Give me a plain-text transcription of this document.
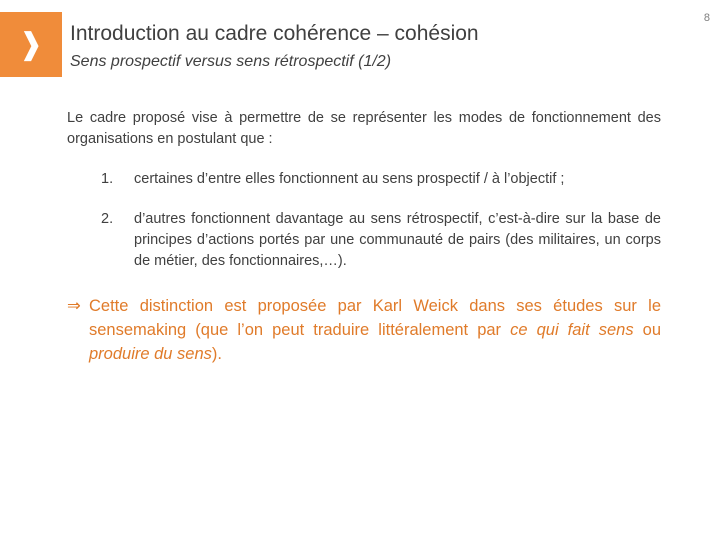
❱ Introduction au cadre cohérence – cohésion
Sens prospectif versus sens rétrospectif (1/2)
8

Le cadre proposé vise à permettre de se représenter les modes de fonctionnement des organisations en postulant que :

1.	certaines d’entre elles fonctionnent au sens prospectif / à l’objectif ;
2.	d’autres fonctionnent davantage au sens rétrospectif, c’est-à-dire sur la base de principes d’actions portés par une communauté de pairs (des militaires, un corps de métier, des fonctionnaires,…).
⇒ Cette distinction est proposée par Karl Weick dans ses études sur le sensemaking (que l’on peut traduire littéralement par ce qui fait sens ou produire du sens).
